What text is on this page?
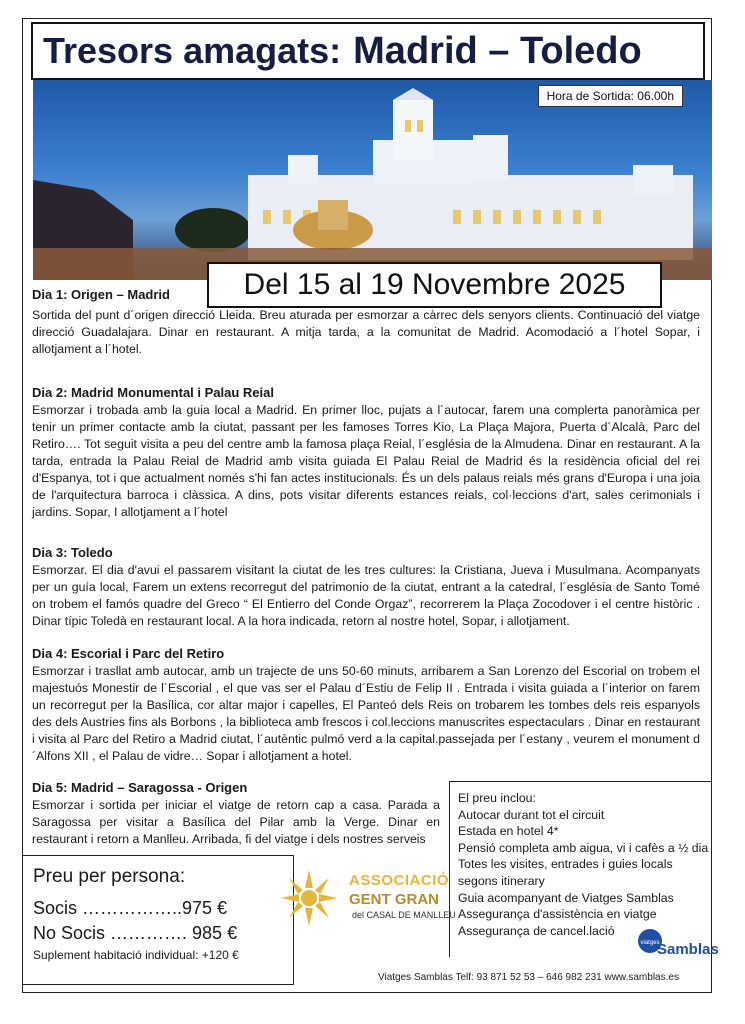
Tresors amagats: Madrid – Toledo
Hora de Sortida: 06.00h
Del 15 al 19 Novembre 2025
Dia 1: Origen – Madrid

Sortida del punt d´origen direcció Lleida. Breu aturada per esmorzar a càrrec dels senyors clients. Continuació del viatge direcció Guadalajara. Dinar en restaurant. A mitja tarda, a la comunitat de Madrid. Acomodació a l´hotel Sopar, i allotjament a l´hotel.

Dia 2: Madrid Monumental i Palau Reial

Esmorzar i trobada amb la guia local a Madrid. En primer lloc, pujats a l´autocar, farem una complerta panoràmica per tenir un primer contacte amb la ciutat, passant per les famoses Torres Kio, La Plaça Majora, Puerta d´Alcalà, Parc del Retiro…. Tot seguit visita a peu del centre amb la famosa plaça Reial, l´església de la Almudena. Dinar en restaurant. A la tarda, entrada la Palau Reial de Madrid amb visita guiada El Palau Reial de Madrid és la residència oficial del rei d'Espanya, tot i que actualment només s'hi fan actes institucionals. És un dels palaus reials més grans d'Europa i una joia de l'arquitectura barroca i clàssica. A dins, pots visitar diferents estances reials, col·leccions d'art, sales cerimonials i jardins. Sopar, I allotjament a l´hotel

Dia 3: Toledo

Esmorzar. El dia d'avui el passarem visitant la ciutat de les tres cultures: la Cristiana, Jueva i Musulmana. Acompanyats per un guía local, Farem un extens recorregut del patrimonio de la ciutat, entrant a la catedral, l´església de Santo Tomé on trobem el famós quadre del Greco “ El Entierro del Conde Orgaz”, recorrerem la Plaça Zocodover i el centre històric . Dinar típic Toledà en restaurant local. A la hora indicada, retorn al nostre hotel, Sopar, i allotjament.

Dia 4: Escorial i Parc del Retiro

Esmorzar i trasllat amb autocar, amb un trajecte de uns 50-60 minuts, arribarem a San Lorenzo del Escorial on trobem el majestuós Monestir de l´Escorial , el que vas ser el Palau d´Estiu de Felip II . Entrada i visita guiada a l´interior on farem un recorregut per la Basílica, cor altar major i capelles, El Panteó dels Reis on trobarem les tombes dels reis espanyols des dels Austries fins als Borbons , la biblioteca amb frescos i col.leccions manuscrites espectaculars . Dinar en restaurant i visita al Parc del Retiro a Madrid ciutat, l´autèntic pulmó verd a la capital.passejada per l´estany , veurem el monument d´Alfons XII , el Palau de vidre… Sopar i allotjament a hotel.

Dia 5: Madrid – Saragossa - Origen

Esmorzar i sortida per iniciar el viatge de retorn cap a casa. Parada a Saragossa per visitar a Basílica del Pilar amb la Verge. Dinar en restaurant i retorn a Manlleu. Arribada, fi del viatge i dels nostres serveis

Preu per persona:
Socis ……………..975 €
No Socis …………. 985 €
Suplement habitació individual: +120 €
ASSOCIACIÓ
GENT GRAN
del CASAL DE MANLLEU
El preu inclou:
Autocar durant tot el circuit
Estada en hotel 4*
Pensió completa amb aigua, vi i cafès a ½ dia
Totes les visites, entrades i guies locals
segons itinerary
Guia acompanyant de Viatges Samblas
Assegurança d'assistència en viatge
Assegurança de cancel.lació
viatges
Samblas
Viatges Samblas Telf: 93 871 52 53 – 646 982 231 www.samblas.es
